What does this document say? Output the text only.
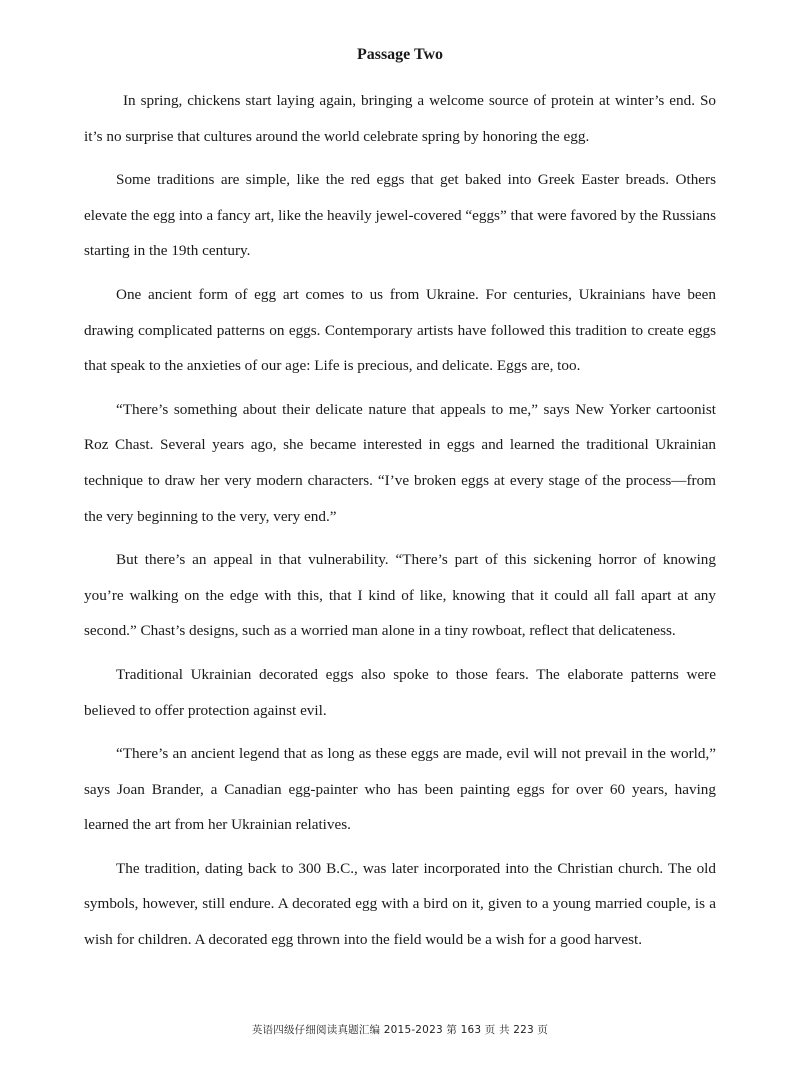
Passage Two

In spring, chickens start laying again, bringing a welcome source of protein at winter’s end. So it’s no surprise that cultures around the world celebrate spring by honoring the egg.

Some traditions are simple, like the red eggs that get baked into Greek Easter breads. Others elevate the egg into a fancy art, like the heavily jewel-covered “eggs” that were favored by the Russians starting in the 19th century.

One ancient form of egg art comes to us from Ukraine. For centuries, Ukrainians have been drawing complicated patterns on eggs. Contemporary artists have followed this tradition to create eggs that speak to the anxieties of our age: Life is precious, and delicate. Eggs are, too.

“There’s something about their delicate nature that appeals to me,” says New Yorker cartoonist Roz Chast. Several years ago, she became interested in eggs and learned the traditional Ukrainian technique to draw her very modern characters. “I’ve broken eggs at every stage of the process—from the very beginning to the very, very end.”

But there’s an appeal in that vulnerability. “There’s part of this sickening horror of knowing you’re walking on the edge with this, that I kind of like, knowing that it could all fall apart at any second.” Chast’s designs, such as a worried man alone in a tiny rowboat, reflect that delicateness.

Traditional Ukrainian decorated eggs also spoke to those fears. The elaborate patterns were believed to offer protection against evil.

“There’s an ancient legend that as long as these eggs are made, evil will not prevail in the world,” says Joan Brander, a Canadian egg-painter who has been painting eggs for over 60 years, having learned the art from her Ukrainian relatives.

The tradition, dating back to 300 B.C., was later incorporated into the Christian church. The old symbols, however, still endure. A decorated egg with a bird on it, given to a young married couple, is a wish for children. A decorated egg thrown into the field would be a wish for a good harvest.

英语四级仔细阅读真题汇编 2015-2023 第 163 页 共 223 页
